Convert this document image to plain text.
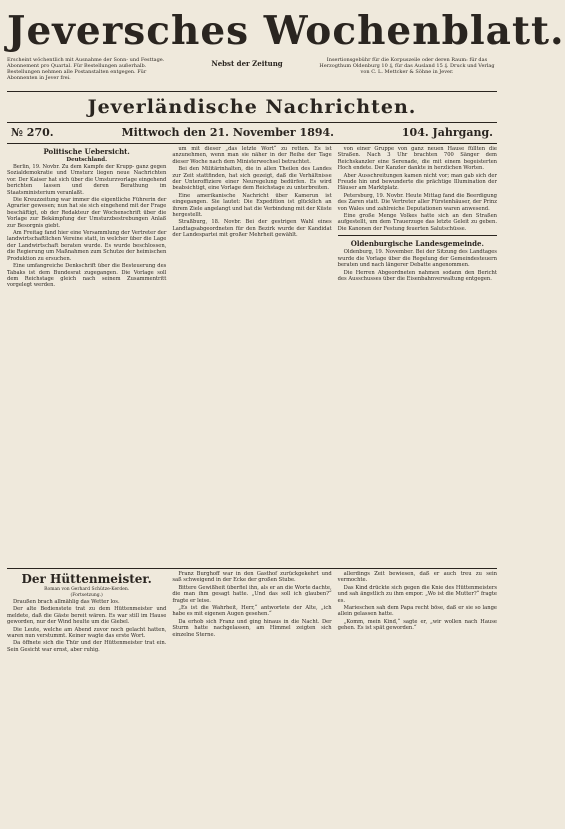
Jeversches Wochenblatt.
Erscheint wöchentlich mit Ausnahme der Sonn- und Festtage. Abonnement pro Quartal. Für Bestellungen außerhalb. Bestellungen nehmen alle Postanstalten entgegen. Für Abonnenten in Jever frei.
Nebst der Zeitung	Insertionsgebühr für die Korpuszeile oder deren Raum: für das Herzogthum Oldenburg 10 ₰, für das Ausland 15 ₰. Druck und Verlag von C. L. Mettcker & Söhne in Jever.
Jeverländische Nachrichten.
№ 270.	Mittwoch den 21. November 1894.	104. Jahrgang.
Politische Uebersicht.
Deutschland.

Berlin, 19. Novbr. Zu dem Kampfe der Krupp- ganz gegen Sozialdemokratie und Umsturz liegen neue Nachrichten vor. Der Kaiser hat sich über die Umsturzvorlage eingehend berichten lassen und deren Berathung im Staatsministerium veranlaßt.

Die Kreuzzeitung war immer die eigentliche Führerin der Agrarier gewesen; nun hat sie sich eingehend mit der Frage beschäftigt, ob der Redakteur der Wochenschrift über die Vorlage zur Bekämpfung der Umsturzbestrebungen Anlaß zur Besorgnis giebt.

Am Freitag fand hier eine Versammlung der Vertreter der landwirtschaftlichen Vereine statt, in welcher über die Lage der Landwirtschaft beraten wurde. Es wurde beschlossen, die Regierung um Maßnahmen zum Schutze der heimischen Produktion zu ersuchen.

Eine umfangreiche Denkschrift über die Besteuerung des Tabaks ist dem Bundesrat zugegangen. Die Vorlage soll dem Reichstage gleich nach seinem Zusammentritt vorgelegt werden.

um mit dieser „das letzte Wort“ zu retten. Es ist anzunehmen, wenn man sie näher in der Reihe der Tage dieser Woche nach dem Ministerwechsel betrachtet.

Bei den Militärinhalten, die in allen Theilen des Landes zur Zeit stattfinden, hat sich gezeigt, daß die Verhältnisse der Unteroffiziere einer Neuregelung bedürfen. Es wird beabsichtigt, eine Vorlage dem Reichstage zu unterbreiten.

Eine amerikanische Nachricht über Kamerun ist eingegangen. Sie lautet: Die Expedition ist glücklich an ihrem Ziele angelangt und hat die Verbindung mit der Küste hergestellt.

Straßburg, 18. Novbr. Bei der gestrigen Wahl eines Landtagsabgeordneten für den Bezirk wurde der Kandidat der Landespartei mit großer Mehrheit gewählt.

von einer Gruppe von ganz neuen Hause füllten die Straßen. Nach 3 Uhr brachten 700 Sänger dem Reichskanzler eine Serenade, die mit einem begeisterten Hoch endete. Der Kanzler dankte in herzlichen Worten.

Aber Ausschreitungen kamen nicht vor; man gab sich der Freude hin und bewunderte die prächtige Illumination der Häuser am Marktplatz.

Petersburg, 19. Novbr. Heute Mittag fand die Beerdigung des Zaren statt. Die Vertreter aller Fürstenhäuser, der Prinz von Wales und zahlreiche Deputationen waren anwesend.

Eine große Menge Volkes hatte sich an den Straßen aufgestellt, um dem Trauerzuge das letzte Geleit zu geben. Die Kanonen der Festung feuerten Salutschüsse.

Oldenburgische Landesgemeinde.

Oldenburg, 19. November. Bei der Sitzung des Landtages wurde die Vorlage über die Regelung der Gemeindesteuern beraten und nach längerer Debatte angenommen.

Die Herren Abgeordneten nahmen sodann den Bericht des Ausschusses über die Eisenbahnverwaltung entgegen.

Der Hüttenmeister.
Roman von Gerhard Schütze-Kerden.
(Fortsetzung.)

Draußen brach allmählig das Wetter los.

Der alte Bedienstete trat zu dem Hüttenmeister und meldete, daß die Gäste bereit wären. Es war still im Hause geworden, nur der Wind heulte um die Giebel.

Die Leute, welche am Abend zuvor noch gelacht hatten, waren nun verstummt. Keiner wagte das erste Wort.

Da öffnete sich die Thür und der Hüttenmeister trat ein. Sein Gesicht war ernst, aber ruhig.

Franz Burghoff war in den Gasthof zurückgekehrt und saß schweigend in der Ecke der großen Stube.

Bittere Gewißheit überfiel ihn, als er an die Worte dachte, die man ihm gesagt hatte. „Und das soll ich glauben?“ fragte er leise.

„Es ist die Wahrheit, Herr,“ antwortete der Alte, „ich habe es mit eigenen Augen gesehen.“

Da erhob sich Franz und ging hinaus in die Nacht. Der Sturm hatte nachgelassen, am Himmel zeigten sich einzelne Sterne.

allerdings Zeit bewiesen, daß er auch treu zu sein vermochte.

Das Kind drückte sich gegen die Knie des Hüttenmeisters und sah ängstlich zu ihm empor. „Wo ist die Mutter?“ fragte es.

Marieschen sah dem Papa recht böse, daß er sie so lange allein gelassen hatte.

„Komm, mein Kind,“ sagte er, „wir wollen nach Hause gehen. Es ist spät geworden.“
